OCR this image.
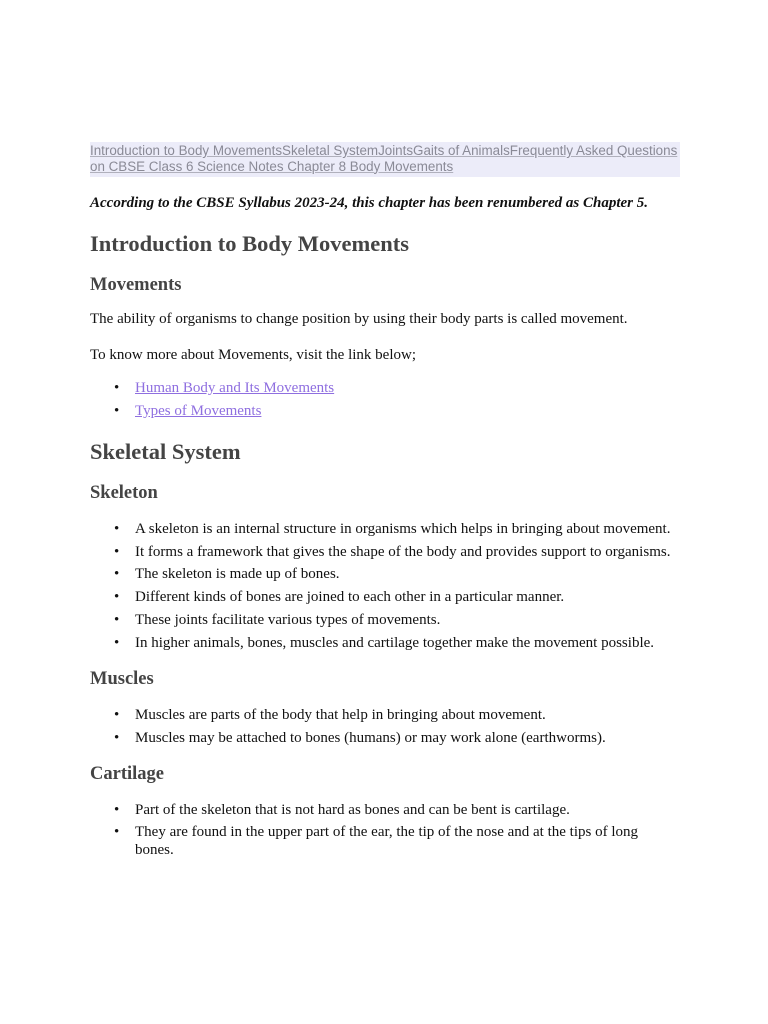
Introduction to Body MovementsSkeletal SystemJointsGaits of AnimalsFrequently Asked Questions on CBSE Class 6 Science Notes Chapter 8 Body Movements

According to the CBSE Syllabus 2023-24, this chapter has been renumbered as Chapter 5.

Introduction to Body Movements
Movements

The ability of organisms to change position by using their body parts is called movement.

To know more about Movements, visit the link below;

• Human Body and Its Movements
• Types of Movements
Skeletal System
Skeleton
• A skeleton is an internal structure in organisms which helps in bringing about movement.
• It forms a framework that gives the shape of the body and provides support to organisms.
• The skeleton is made up of bones.
• Different kinds of bones are joined to each other in a particular manner.
• These joints facilitate various types of movements.
• In higher animals, bones, muscles and cartilage together make the movement possible.
Muscles
• Muscles are parts of the body that help in bringing about movement.
• Muscles may be attached to bones (humans) or may work alone (earthworms).
Cartilage
• Part of the skeleton that is not hard as bones and can be bent is cartilage.
• They are found in the upper part of the ear, the tip of the nose and at the tips of long bones.
